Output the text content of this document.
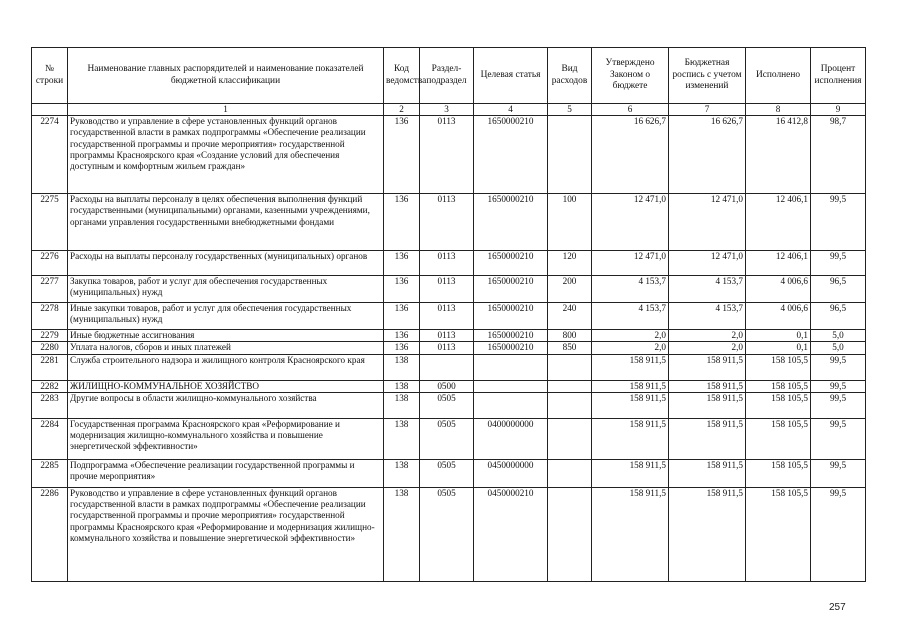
№ строки	Наименование главных распорядителей и наименование показателей бюджетной классификации	Код ведомства	Раздел-подраздел	Целевая статья	Вид расходов	Утверждено Законом о бюджете	Бюджетная роспись с учетом изменений	Исполнено	Процент исполнения
	1	2	3	4	5	6	7	8	9
2274	Руководство и управление в сфере установленных функций органов государственной власти в рамках подпрограммы «Обеспечение реализации государственной программы и прочие мероприятия» государственной программы Красноярского края «Создание условий для обеспечения доступным и комфортным жильем граждан»	136	0113	1650000210		16 626,7	16 626,7	16 412,8	98,7
2275	Расходы на выплаты персоналу в целях обеспечения выполнения функций государственными (муниципальными) органами, казенными учреждениями, органами управления государственными внебюджетными фондами	136	0113	1650000210	100	12 471,0	12 471,0	12 406,1	99,5
2276	Расходы на выплаты персоналу государственных (муниципальных) органов	136	0113	1650000210	120	12 471,0	12 471,0	12 406,1	99,5
2277	Закупка товаров, работ и услуг для обеспечения государственных (муниципальных) нужд	136	0113	1650000210	200	4 153,7	4 153,7	4 006,6	96,5
2278	Иные закупки товаров, работ и услуг для обеспечения государственных (муниципальных) нужд	136	0113	1650000210	240	4 153,7	4 153,7	4 006,6	96,5
2279	Иные бюджетные ассигнования	136	0113	1650000210	800	2,0	2,0	0,1	5,0
2280	Уплата налогов, сборов и иных платежей	136	0113	1650000210	850	2,0	2,0	0,1	5,0
2281	Служба строительного надзора и жилищного контроля Красноярского края	138				158 911,5	158 911,5	158 105,5	99,5
2282	ЖИЛИЩНО-КОММУНАЛЬНОЕ ХОЗЯЙСТВО	138	0500			158 911,5	158 911,5	158 105,5	99,5
2283	Другие вопросы в области жилищно-коммунального хозяйства	138	0505			158 911,5	158 911,5	158 105,5	99,5
2284	Государственная программа Красноярского края «Реформирование и модернизация жилищно-коммунального хозяйства и повышение энергетической эффективности»	138	0505	0400000000		158 911,5	158 911,5	158 105,5	99,5
2285	Подпрограмма «Обеспечение реализации государственной программы и прочие мероприятия»	138	0505	0450000000		158 911,5	158 911,5	158 105,5	99,5
2286	Руководство и управление в сфере установленных функций органов государственной власти в рамках подпрограммы «Обеспечение реализации государственной программы и прочие мероприятия» государственной программы Красноярского края «Реформирование и модернизация жилищно-коммунального хозяйства и повышение энергетической эффективности»	138	0505	0450000210		158 911,5	158 911,5	158 105,5	99,5
257
